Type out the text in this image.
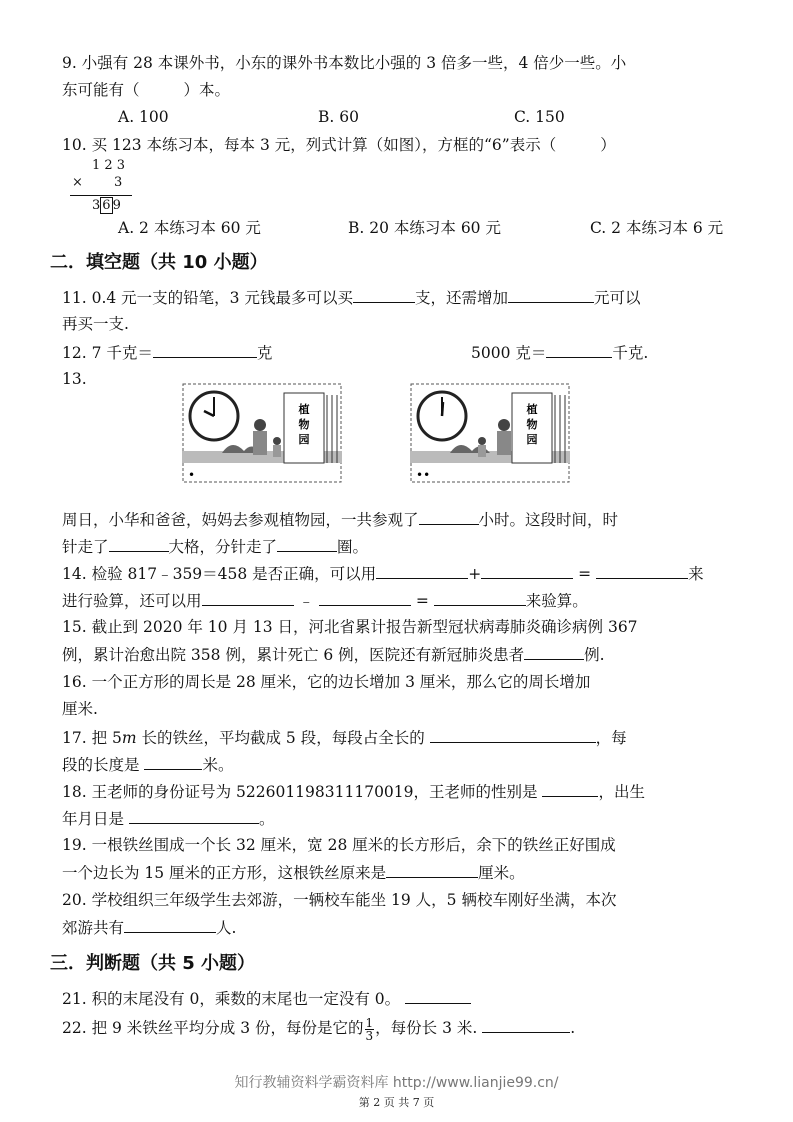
9. 小强有 28 本课外书，小东的课外书本数比小强的 3 倍多一些，4 倍少一些。小
东可能有（	）本。
A. 100	B. 60	C. 150
10. 买 123 本练习本，每本 3 元，列式计算（如图），方框的“6”表示（	）
1 2 3
× 3
3 6 9
A. 2 本练习本 60 元	B. 20 本练习本 60 元	C. 2 本练习本 6 元
二．填空题（共 10 小题）
11. 0.4 元一支的铅笔，3 元钱最多可以买	支，还需增加	元可以
再买一支.
12. 7 千克＝	克	5000 克＝	千克.
13.
植
物
园
•
植
物
园
••
周日，小华和爸爸，妈妈去参观植物园，一共参观了	小时。这段时间，时
针走了	大格，分针走了	圈。
14. 检验 817﹣359＝458 是否正确，可以用	+	=	来
进行验算，还可以用	﹣	=	来验算。
15. 截止到 2020 年 10 月 13 日，河北省累计报告新型冠状病毒肺炎确诊病例 367
例，累计治愈出院 358 例，累计死亡 6 例，医院还有新冠肺炎患者	例.
16. 一个正方形的周长是 28 厘米，它的边长增加 3 厘米，那么它的周长增加
厘米.
17. 把 5m 长的铁丝，平均截成 5 段，每段占全长的	，每
段的长度是	米。
18. 王老师的身份证号为 522601198311170019，王老师的性别是	，出生
年月日是	。
19. 一根铁丝围成一个长 32 厘米，宽 28 厘米的长方形后，余下的铁丝正好围成
一个边长为 15 厘米的正方形，这根铁丝原来是	厘米。
20. 学校组织三年级学生去郊游，一辆校车能坐 19 人，5 辆校车刚好坐满，本次
郊游共有	人.
三．判断题（共 5 小题）
21. 积的末尾没有 0，乘数的末尾也一定没有 0。
22. 把 9 米铁丝平均分成 3 份，每份是它的 $\frac{1}{3}$ ，每份长 3 米.	.
知行教辅资料学霸资料库 http://www.lianjie99.cn/
第 2 页 共 7 页
